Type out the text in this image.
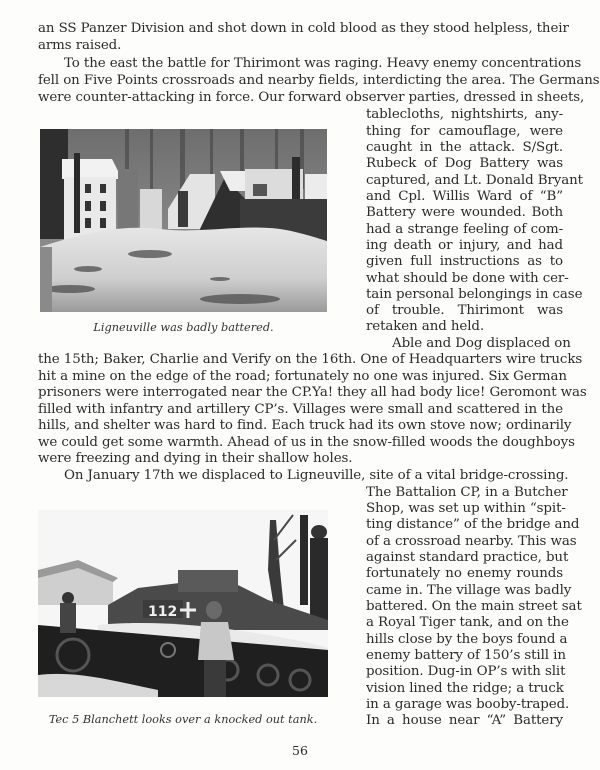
an SS Panzer Division and shot down in cold blood as they stood helpless, their
arms raised.
To the east the battle for Thirimont was raging. Heavy enemy concentrations
fell on Five Points crossroads and nearby fields, interdicting the area. The Germans
were counter-attacking in force. Our forward observer parties, dressed in sheets,
Ligneuville was badly battered.
tablecloths, nightshirts, any-
thing for camouflage, were
caught in the attack. S/Sgt.
Rubeck of Dog Battery was
captured, and Lt. Donald Bryant
and Cpl. Willis Ward of “B”
Battery were wounded. Both
had a strange feeling of com-
ing death or injury, and had
given full instructions as to
what should be done with cer-
tain personal belongings in case
of trouble. Thirimont was
retaken and held.
Able and Dog displaced on
the 15th; Baker, Charlie and Verify on the 16th. One of Headquarters wire trucks
hit a mine on the edge of the road; fortunately no one was injured. Six German
prisoners were interrogated near the CP.Ya! they all had body lice! Geromont was
filled with infantry and artillery CP’s. Villages were small and scattered in the
hills, and shelter was hard to find. Each truck had its own stove now; ordinarily
we could get some warmth. Ahead of us in the snow-filled woods the doughboys
were freezing and dying in their shallow holes.
On January 17th we displaced to Ligneuville, site of a vital bridge-crossing.
112
Tec 5 Blanchett looks over a knocked out tank.
The Battalion CP, in a Butcher
Shop, was set up within “spit-
ting distance” of the bridge and
of a crossroad nearby. This was
against standard practice, but
fortunately no enemy rounds
came in. The village was badly
battered. On the main street sat
a Royal Tiger tank, and on the
hills close by the boys found a
enemy battery of 150’s still in
position. Dug-in OP’s with slit
vision lined the ridge; a truck
in a garage was booby-traped.
In a house near “A” Battery
56
